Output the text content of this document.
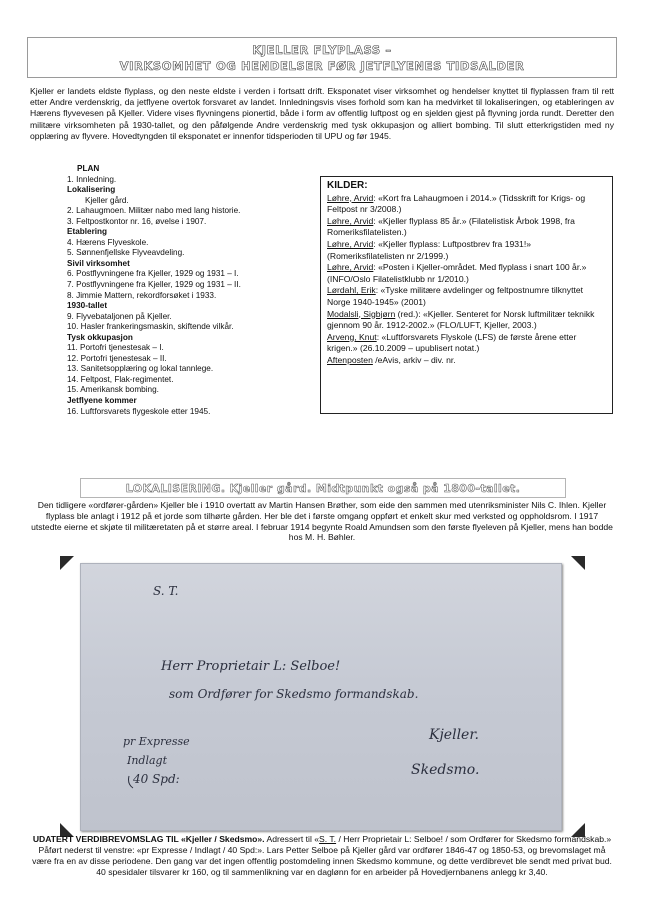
KJELLER FLYPLASS –
VIRKSOMHET OG HENDELSER FØR JETFLYENES TIDSALDER
Kjeller er landets eldste flyplass, og den neste eldste i verden i fortsatt drift. Eksponatet viser virksomhet og hendelser knyttet til flyplassen fram til rett etter Andre verdenskrig, da jetflyene overtok forsvaret av landet. Innledningsvis vises forhold som kan ha medvirket til lokaliseringen, og etableringen av Hærens flyvevesen på Kjeller. Videre vises flyvningens pionertid, både i form av offentlig luftpost og en sjelden gjest på flyvning jorda rundt. Deretter den militære virksomheten på 1930-tallet, og den påfølgende Andre verdenskrig med tysk okkupasjon og alliert bombing. Til slutt etterkrigstiden med ny opplæring av flyvere. Hovedtyngden til eksponatet er innenfor tidsperioden til UPU og før 1945.
PLAN
1. Innledning.
Lokalisering
Kjeller gård.
2. Lahaugmoen. Militær nabo med lang historie.
3. Feltpostkontor nr. 16, øvelse i 1907.
Etablering
4. Hærens Flyveskole.
5. Sønnenfjellske Flyveavdeling.
Sivil virksomhet
6. Postflyvningene fra Kjeller, 1929 og 1931 – I.
7. Postflyvningene fra Kjeller, 1929 og 1931 – II.
8. Jimmie Mattern, rekordforsøket i 1933.
1930-tallet
9. Flyvebataljonen på Kjeller.
10. Hasler frankeringsmaskin, skiftende vilkår.
Tysk okkupasjon
11. Portofri tjenestesak – I.
12. Portofri tjenestesak – II.
13. Sanitetsopplæring og lokal tannlege.
14. Feltpost, Flak-regimentet.
15. Amerikansk bombing.
Jetflyene kommer
16. Luftforsvarets flygeskole etter 1945.
KILDER:
Løhre, Arvid: «Kort fra Lahaugmoen i 2014.» (Tidsskrift for Krigs- og Feltpost nr 3/2008.)
Løhre, Arvid: «Kjeller flyplass 85 år.» (Filatelistisk Årbok 1998, fra Romeriksfilatelisten.)
Løhre, Arvid: «Kjeller flyplass: Luftpostbrev fra 1931!» (Romeriksfilatelisten nr 2/1999.)
Løhre, Arvid: «Posten i Kjeller-området. Med flyplass i snart 100 år.» (INFO/Oslo Filatelistklubb nr 1/2010.)
Lørdahl, Erik: «Tyske militære avdelinger og feltpostnumre tilknyttet Norge 1940-1945» (2001)
Modalsli, Sigbjørn (red.): «Kjeller. Senteret for Norsk luftmilitær teknikk gjennom 90 år. 1912-2002.» (FLO/LUFT, Kjeller, 2003.)
Arveng, Knut: «Luftforsvarets Flyskole (LFS) de første årene etter krigen.» (26.10.2009 – upublisert notat.)
Aftenposten /eAvis, arkiv – div. nr.
LOKALISERING. Kjeller gård. Midtpunkt også på 1800-tallet.
Den tidligere «ordfører-gården» Kjeller ble i 1910 overtatt av Martin Hansen Brøther, som eide den sammen med utenriksminister Nils C. Ihlen. Kjeller flyplass ble anlagt i 1912 på et jorde som tilhørte gården. Her ble det i første omgang oppført et enkelt skur med verksted og oppholdsrom. I 1917 utstedte eierne et skjøte til militæretaten på et større areal. I februar 1914 begynte Roald Amundsen som den første flyeleven på Kjeller, mens han bodde hos M. H. Bøhler.
S. T.
Herr Proprietair L: Selboe!
som Ordfører for Skedsmo formandskab.
Kjeller.
Skedsmo.
pr Expresse
Indlagt
40 Spd:
UDATERT VERDIBREVOMSLAG TIL «Kjeller / Skedsmo». Adressert til «S. T. / Herr Proprietair L: Selboe! / som Ordfører for Skedsmo formandskab.» Påført nederst til venstre: «pr Expresse / Indlagt / 40 Spd:». Lars Petter Selboe på Kjeller gård var ordfører 1846-47 og 1850-53, og brevomslaget må være fra en av disse periodene. Den gang var det ingen offentlig postomdeling innen Skedsmo kommune, og dette verdibrevet ble sendt med privat bud. 40 spesidaler tilsvarer kr 160, og til sammenlikning var en daglønn for en arbeider på Hovedjernbanens anlegg kr 3,40.
